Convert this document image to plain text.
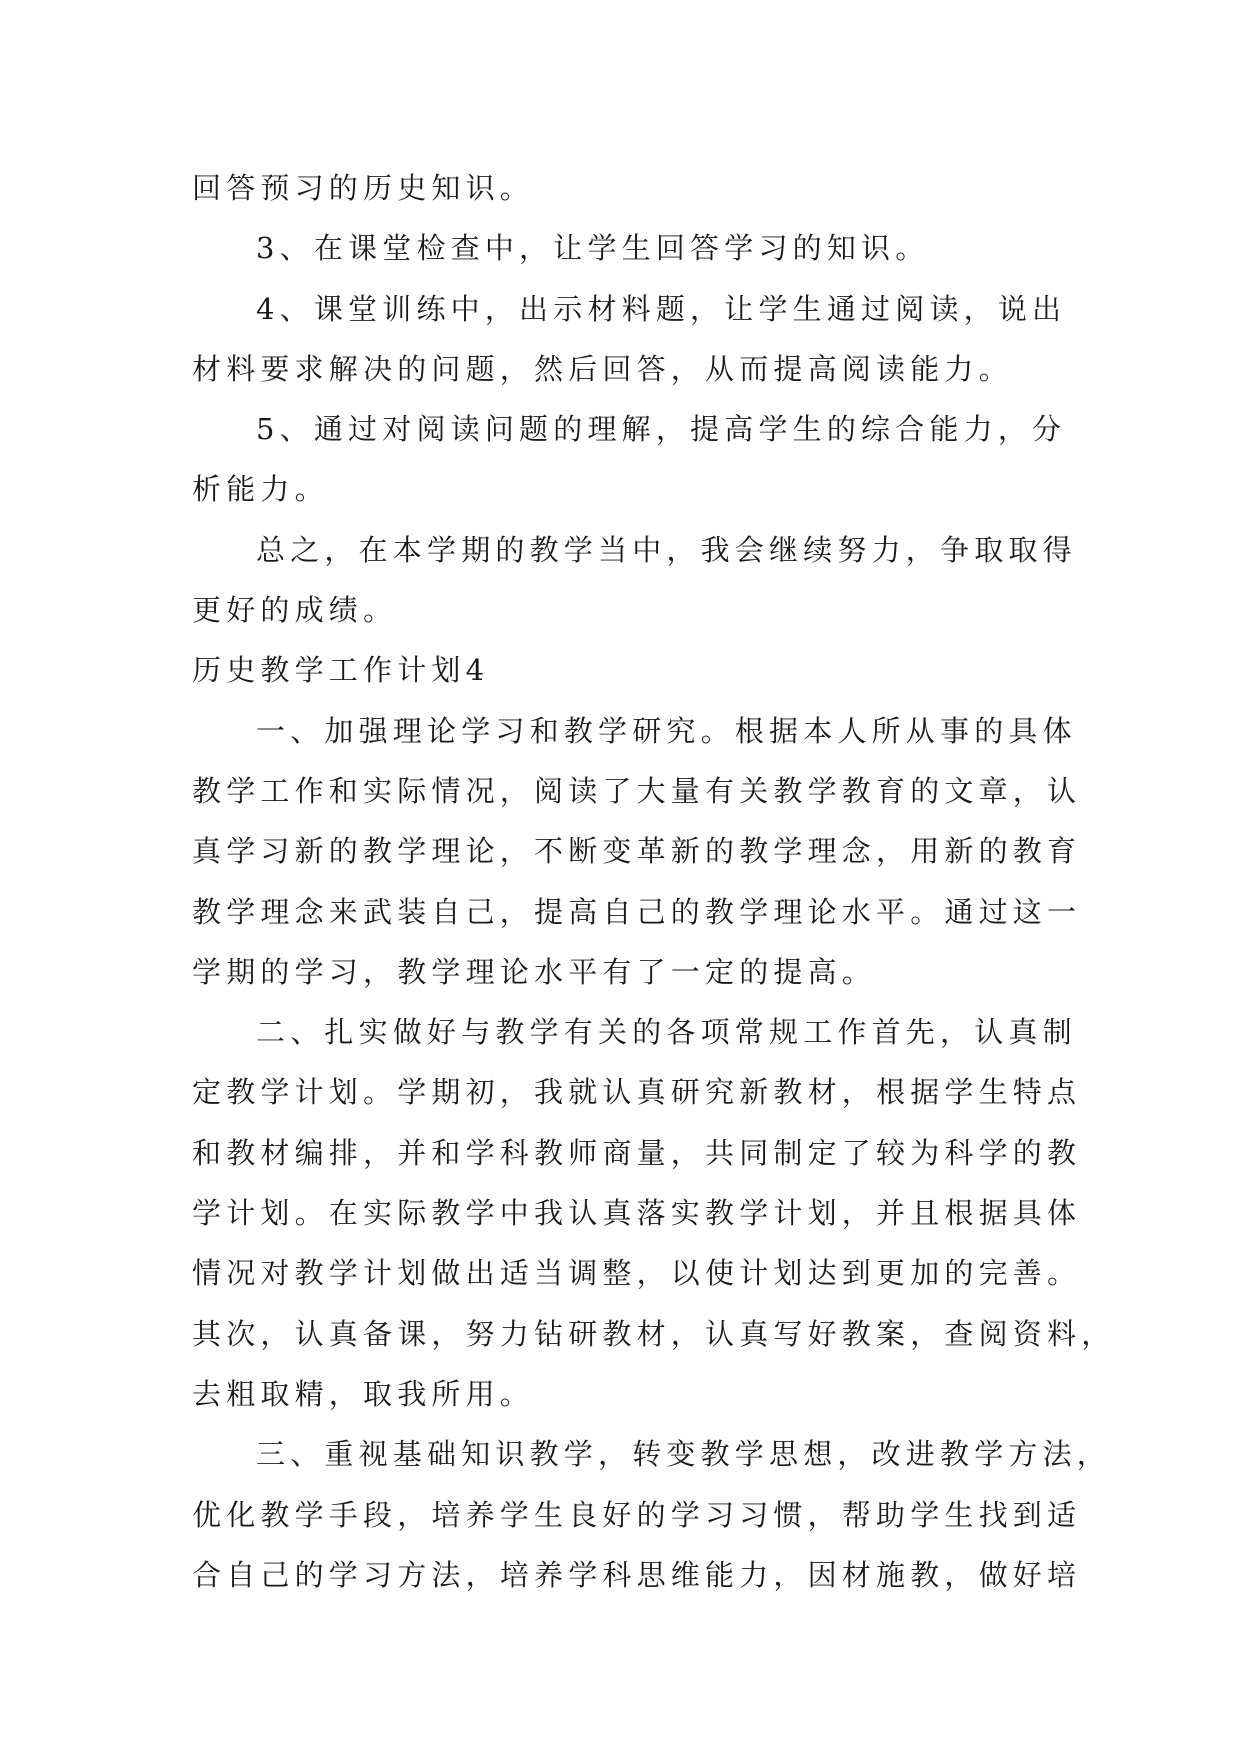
回答预习的历史知识。
3、在课堂检查中，让学生回答学习的知识。
4、课堂训练中，出示材料题，让学生通过阅读，说出
材料要求解决的问题，然后回答，从而提高阅读能力。
5、通过对阅读问题的理解，提高学生的综合能力，分
析能力。
总之，在本学期的教学当中，我会继续努力，争取取得
更好的成绩。
历史教学工作计划4
一、加强理论学习和教学研究。根据本人所从事的具体
教学工作和实际情况，阅读了大量有关教学教育的文章，认
真学习新的教学理论，不断变革新的教学理念，用新的教育
教学理念来武装自己，提高自己的教学理论水平。通过这一
学期的学习，教学理论水平有了一定的提高。
二、扎实做好与教学有关的各项常规工作首先，认真制
定教学计划。学期初，我就认真研究新教材，根据学生特点
和教材编排，并和学科教师商量，共同制定了较为科学的教
学计划。在实际教学中我认真落实教学计划，并且根据具体
情况对教学计划做出适当调整，以使计划达到更加的完善。
其次，认真备课，努力钻研教材，认真写好教案，查阅资料，
去粗取精，取我所用。
三、重视基础知识教学，转变教学思想，改进教学方法，
优化教学手段，培养学生良好的学习习惯，帮助学生找到适
合自己的学习方法，培养学科思维能力，因材施教，做好培
